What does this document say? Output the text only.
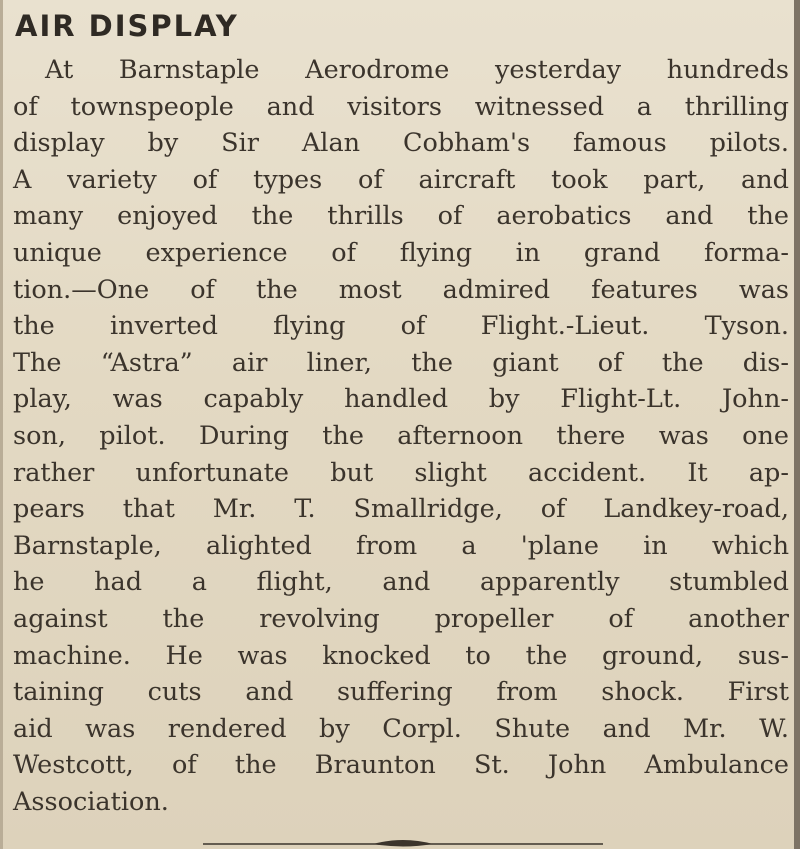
AIR DISPLAY
At Barnstaple Aerodrome yesterday hundreds
of townspeople and visitors witnessed a thrilling
display by Sir Alan Cobham's famous pilots.
A variety of types of aircraft took part, and
many enjoyed the thrills of aerobatics and the
unique experience of flying in grand forma-
tion.—One of the most admired features was
the inverted flying of Flight.-Lieut. Tyson.
The “Astra” air liner, the giant of the dis-
play, was capably handled by Flight-Lt. John-
son, pilot. During the afternoon there was one
rather unfortunate but slight accident. It ap-
pears that Mr. T. Smallridge, of Landkey-road,
Barnstaple, alighted from a 'plane in which
he had a flight, and apparently stumbled
against the revolving propeller of another
machine. He was knocked to the ground, sus-
taining cuts and suffering from shock. First
aid was rendered by Corpl. Shute and Mr. W.
Westcott, of the Braunton St. John Ambulance
Association.
